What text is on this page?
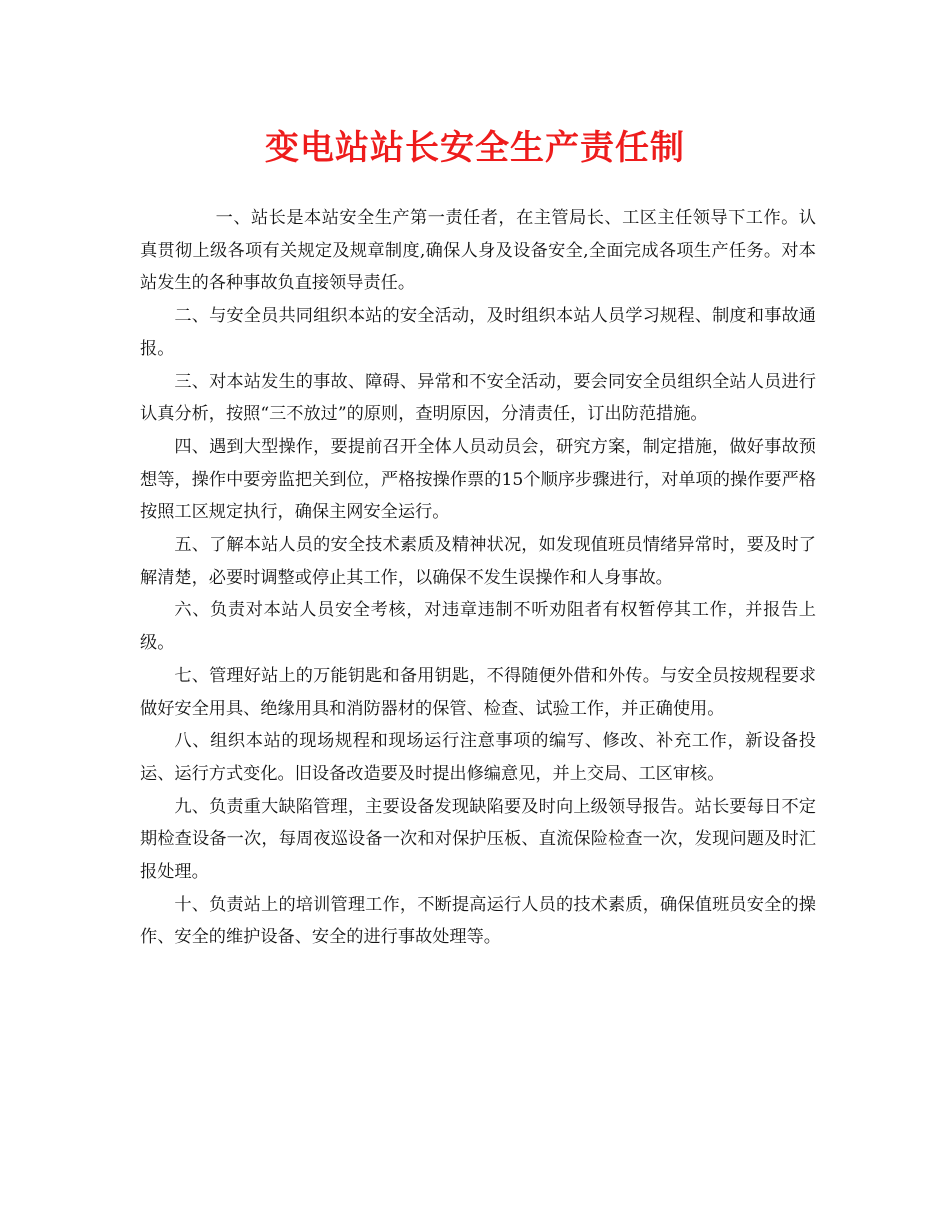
变电站站长安全生产责任制

一、站长是本站安全生产第一责任者，在主管局长、工区主任领导下工作。认真贯彻上级各项有关规定及规章制度,确保人身及设备安全,全面完成各项生产任务。对本站发生的各种事故负直接领导责任。

二、与安全员共同组织本站的安全活动，及时组织本站人员学习规程、制度和事故通报。

三、对本站发生的事故、障碍、异常和不安全活动，要会同安全员组织全站人员进行认真分析，按照“三不放过”的原则，查明原因，分清责任，订出防范措施。

四、遇到大型操作，要提前召开全体人员动员会，研究方案，制定措施，做好事故预想等，操作中要旁监把关到位，严格按操作票的15个顺序步骤进行，对单项的操作要严格按照工区规定执行，确保主网安全运行。

五、了解本站人员的安全技术素质及精神状况，如发现值班员情绪异常时，要及时了解清楚，必要时调整或停止其工作，以确保不发生误操作和人身事故。

六、负责对本站人员安全考核，对违章违制不听劝阻者有权暂停其工作，并报告上级。

七、管理好站上的万能钥匙和备用钥匙，不得随便外借和外传。与安全员按规程要求做好安全用具、绝缘用具和消防器材的保管、检查、试验工作，并正确使用。

八、组织本站的现场规程和现场运行注意事项的编写、修改、补充工作，新设备投运、运行方式变化。旧设备改造要及时提出修编意见，并上交局、工区审核。

九、负责重大缺陷管理，主要设备发现缺陷要及时向上级领导报告。站长要每日不定期检查设备一次，每周夜巡设备一次和对保护压板、直流保险检查一次，发现问题及时汇报处理。

十、负责站上的培训管理工作，不断提高运行人员的技术素质，确保值班员安全的操作、安全的维护设备、安全的进行事故处理等。
